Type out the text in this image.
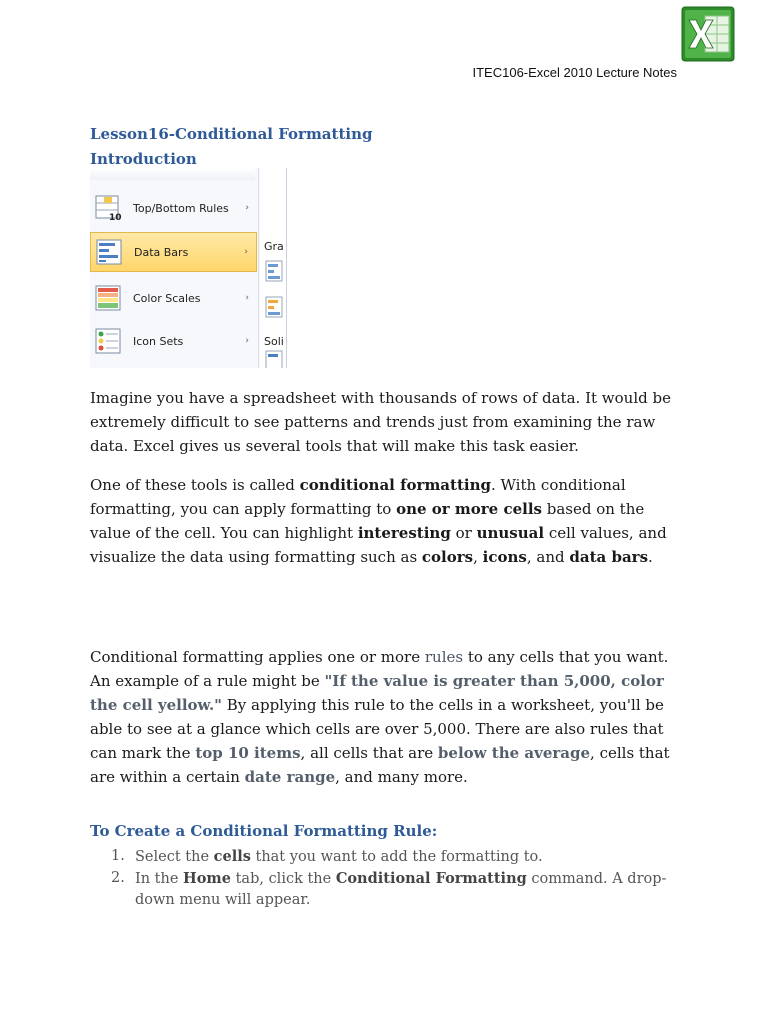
ITEC106-Excel 2010 Lecture Notes
Lesson16-Conditional Formatting
Introduction
10
Top/Bottom Rules ›
Data Bars	›
Color Scales	›
Icon Sets	›
Gra
Soli

Imagine you have a spreadsheet with thousands of rows of data. It would be extremely difficult to see patterns and trends just from examining the raw data. Excel gives us several tools that will make this task easier.

One of these tools is called conditional formatting. With conditional formatting, you can apply formatting to one or more cells based on the value of the cell. You can highlight interesting or unusual cell values, and visualize the data using formatting such as colors, icons, and data bars.

Conditional formatting applies one or more rules to any cells that you want. An example of a rule might be "If the value is greater than 5,000, color the cell yellow." By applying this rule to the cells in a worksheet, you'll be able to see at a glance which cells are over 5,000. There are also rules that can mark the top 10 items, all cells that are below the average, cells that are within a certain date range, and many more.

To Create a Conditional Formatting Rule:
1. Select the cells that you want to add the formatting to.
2. In the Home tab, click the Conditional Formatting command. A drop-down menu will appear.
